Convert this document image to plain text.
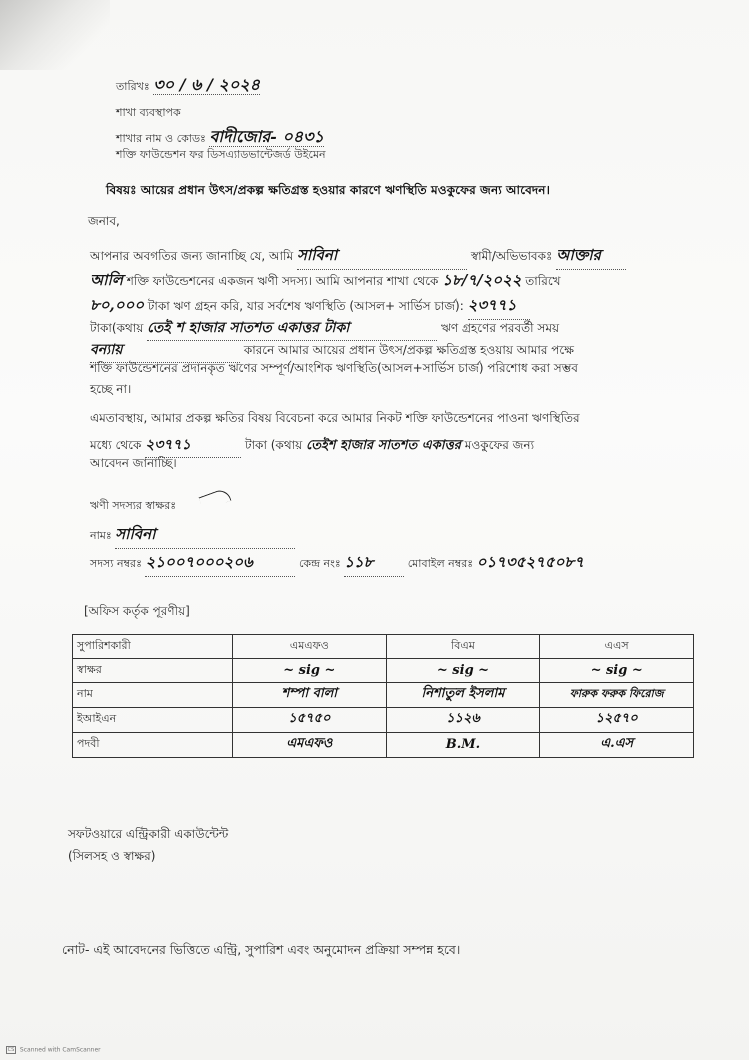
তারিখঃ ৩০ / ৬ / ২০২৪
শাখা ব্যবস্থাপক
শাখার নাম ও কোডঃ বাদীজোর- ০৪৩১
শক্তি ফাউন্ডেশন ফর ডিসএ্যাডভান্টেজর্ড উইমেন
বিষয়ঃ আয়ের প্রধান উৎস/প্রকল্প ক্ষতিগ্রস্ত হওয়ার কারণে ঋণস্থিতি মওকুফের জন্য আবেদন।
জনাব,
আপনার অবগতির জন্য জানাচ্ছি যে, আমি সাবিনা	স্বামী/অভিভাবকঃ আক্তার
আলি শক্তি ফাউন্ডেশনের একজন ঋণী সদস্য। আমি আপনার শাখা থেকে ১৮/৭/২০২২ তারিখে
৮০,০০০ টাকা ঋণ গ্রহন করি, যার সর্বশেষ ঋণস্থিতি (আসল+ সার্ভিস চার্জ): ২৩৭৭১
টাকা(কথায় তেই শ হাজার সাতশত একাত্তর টাকা	ঋণ গ্রহণের পরবর্তী সময়
বন্যায়	কারনে আমার আয়ের প্রধান উৎস/প্রকল্প ক্ষতিগ্রস্ত হওয়ায় আমার পক্ষে
শক্তি ফাউন্ডেশনের প্রদানকৃত ঋণের সম্পূর্ণ/আংশিক ঋণস্থিতি(আসল+সার্ভিস চার্জ) পরিশোধ করা সম্ভব
হচ্ছে না।
এমতাবস্থায়, আমার প্রকল্প ক্ষতির বিষয় বিবেচনা করে আমার নিকট শক্তি ফাউন্ডেশনের পাওনা ঋণস্থিতির
মধ্যে থেকে ২৩৭৭১	টাকা (কথায় তেইশ হাজার সাতশত একাত্তর মওকুফের জন্য
আবেদন জানাচ্ছি।
ঋণী সদস্যর স্বাক্ষরঃ
নামঃ সাবিনা
সদস্য নম্বরঃ ২১০০৭০০০২০৬	কেন্দ্র নংঃ ১১৮	মোবাইল নম্বরঃ ০১৭৩৫২৭৫০৮৭
[অফিস কর্তৃক পূরণীয়]
সুপারিশকারী	এমএফও	বিএম	এএস
স্বাক্ষর	~ sig ~	~ sig ~	~ sig ~
নাম	শম্পা বালা	নিশাতুল ইসলাম	ফারুক ফরুক ফিরোজ
ইআইএন	১৫৭৫০	১১২৬	১২৫৭০
পদবী	এমএফও	B.M.	এ.এস
সফটওয়ারে এন্ট্রিকারী একাউন্টেন্ট
(সিলসহ ও স্বাক্ষর)
নোট- এই আবেদনের ভিত্তিতে এন্ট্রি, সুপারিশ এবং অনুমোদন প্রক্রিয়া সম্পন্ন হবে।
CS Scanned with CamScanner
